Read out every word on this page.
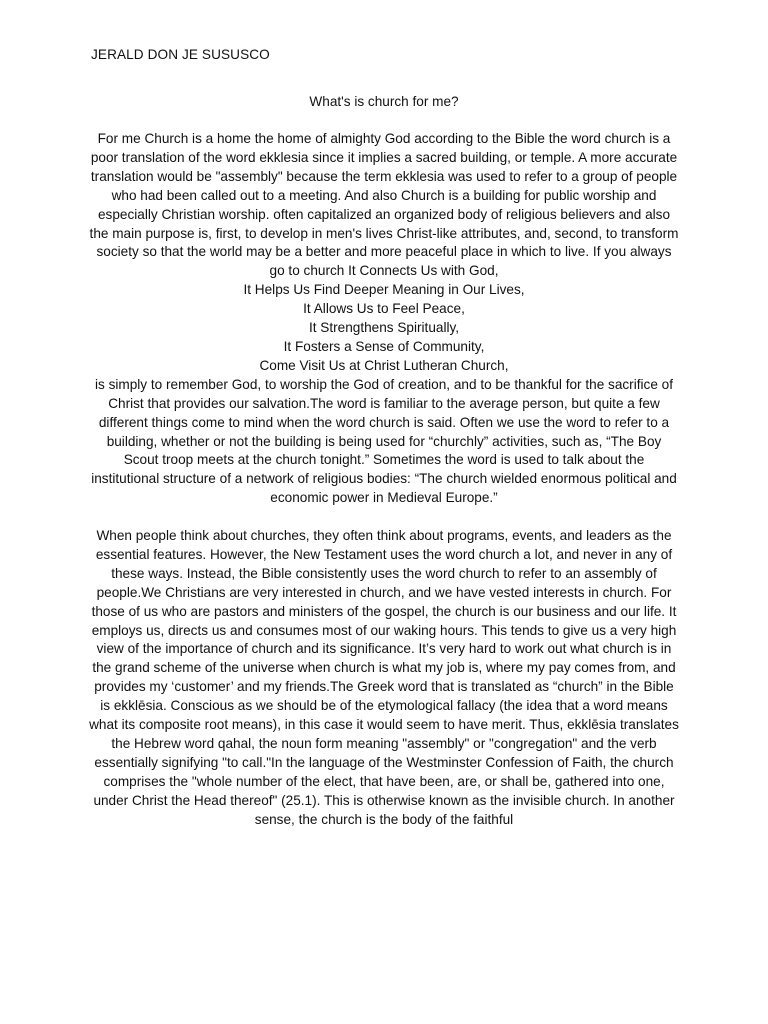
JERALD DON JE SUSUSCO

What's is church for me?

For me Church is a home the home of almighty God according to the Bible the word church is a poor translation of the word ekklesia since it implies a sacred building, or temple. A more accurate translation would be "assembly" because the term ekklesia was used to refer to a group of people who had been called out to a meeting. And also Church is a building for public worship and especially Christian worship. often capitalized an organized body of religious believers and also the main purpose is, first, to develop in men's lives Christ-like attributes, and, second, to transform society so that the world may be a better and more peaceful place in which to live. If you always go to church It Connects Us with God,
It Helps Us Find Deeper Meaning in Our Lives,
It Allows Us to Feel Peace,
It Strengthens Spiritually,
It Fosters a Sense of Community,
Come Visit Us at Christ Lutheran Church,
is simply to remember God, to worship the God of creation, and to be thankful for the sacrifice of Christ that provides our salvation.The word is familiar to the average person, but quite a few different things come to mind when the word church is said. Often we use the word to refer to a building, whether or not the building is being used for “churchly” activities, such as, “The Boy Scout troop meets at the church tonight.” Sometimes the word is used to talk about the institutional structure of a network of religious bodies: “The church wielded enormous political and economic power in Medieval Europe.”

When people think about churches, they often think about programs, events, and leaders as the essential features. However, the New Testament uses the word church a lot, and never in any of these ways. Instead, the Bible consistently uses the word church to refer to an assembly of people.We Christians are very interested in church, and we have vested interests in church. For those of us who are pastors and ministers of the gospel, the church is our business and our life. It employs us, directs us and consumes most of our waking hours. This tends to give us a very high view of the importance of church and its significance. It’s very hard to work out what church is in the grand scheme of the universe when church is what my job is, where my pay comes from, and provides my ‘customer’ and my friends.The Greek word that is translated as “church” in the Bible is ekklēsia. Conscious as we should be of the etymological fallacy (the idea that a word means what its composite root means), in this case it would seem to have merit. Thus, ekklēsia translates the Hebrew word qahal, the noun form meaning "assembly" or "congregation" and the verb essentially signifying "to call."In the language of the Westminster Confession of Faith, the church comprises the "whole number of the elect, that have been, are, or shall be, gathered into one, under Christ the Head thereof" (25.1). This is otherwise known as the invisible church. In another sense, the church is the body of the faithful
